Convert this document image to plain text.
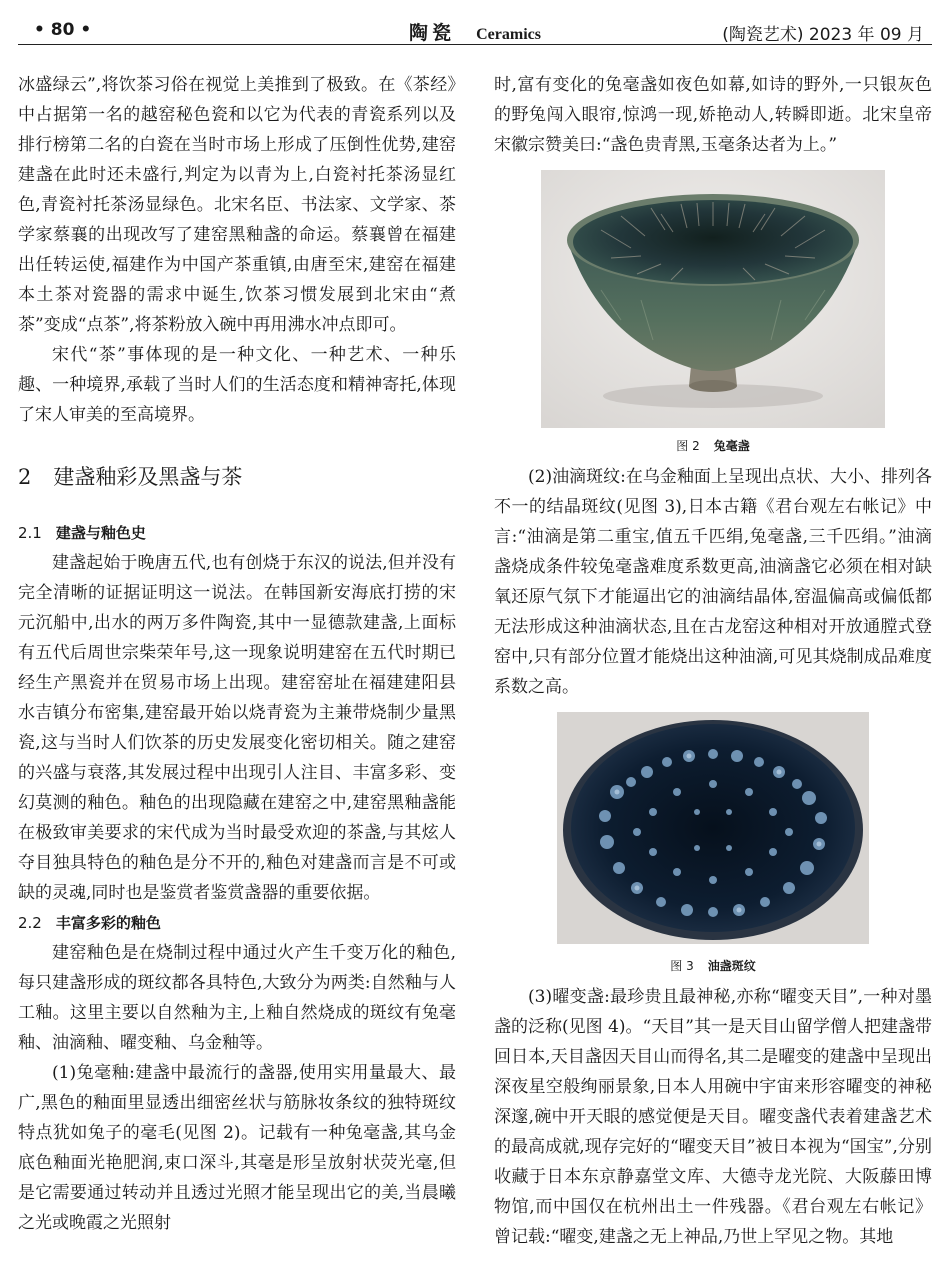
• 80 •	陶瓷 Ceramics	(陶瓷艺术) 2023 年 09 月

冰盛绿云”,将饮茶习俗在视觉上美推到了极致。在《茶经》中占据第一名的越窑秘色瓷和以它为代表的青瓷系列以及排行榜第二名的白瓷在当时市场上形成了压倒性优势,建窑建盏在此时还未盛行,判定为以青为上,白瓷衬托茶汤显红色,青瓷衬托茶汤显绿色。北宋名臣、书法家、文学家、茶学家蔡襄的出现改写了建窑黑釉盏的命运。蔡襄曾在福建出任转运使,福建作为中国产茶重镇,由唐至宋,建窑在福建本土茶对瓷器的需求中诞生,饮茶习惯发展到北宋由“煮茶”变成“点茶”,将茶粉放入碗中再用沸水冲点即可。

宋代“茶”事体现的是一种文化、一种艺术、一种乐趣、一种境界,承载了当时人们的生活态度和精神寄托,体现了宋人审美的至高境界。

2 建盏釉彩及黑盏与茶
2.1 建盏与釉色史

建盏起始于晚唐五代,也有创烧于东汉的说法,但并没有完全清晰的证据证明这一说法。在韩国新安海底打捞的宋元沉船中,出水的两万多件陶瓷,其中一显德款建盏,上面标有五代后周世宗柴荣年号,这一现象说明建窑在五代时期已经生产黑瓷并在贸易市场上出现。建窑窑址在福建建阳县水吉镇分布密集,建窑最开始以烧青瓷为主兼带烧制少量黑瓷,这与当时人们饮茶的历史发展变化密切相关。随之建窑的兴盛与衰落,其发展过程中出现引人注目、丰富多彩、变幻莫测的釉色。釉色的出现隐藏在建窑之中,建窑黑釉盏能在极致审美要求的宋代成为当时最受欢迎的茶盏,与其炫人夺目独具特色的釉色是分不开的,釉色对建盏而言是不可或缺的灵魂,同时也是鉴赏者鉴赏盏器的重要依据。

2.2 丰富多彩的釉色

建窑釉色是在烧制过程中通过火产生千变万化的釉色,每只建盏形成的斑纹都各具特色,大致分为两类:自然釉与人工釉。这里主要以自然釉为主,上釉自然烧成的斑纹有兔毫釉、油滴釉、曜变釉、乌金釉等。

(1)兔毫釉:建盏中最流行的盏器,使用实用量最大、最广,黑色的釉面里显透出细密丝状与筋脉妆条纹的独特斑纹特点犹如兔子的毫毛(见图 2)。记载有一种兔毫盏,其乌金底色釉面光艳肥润,束口深斗,其毫是形呈放射状荧光毫,但是它需要通过转动并且透过光照才能呈现出它的美,当晨曦之光或晚霞之光照射

时,富有变化的兔毫盏如夜色如幕,如诗的野外,一只银灰色的野兔闯入眼帘,惊鸿一现,娇艳动人,转瞬即逝。北宋皇帝宋徽宗赞美曰:“盏色贵青黑,玉毫条达者为上。”

图 2 兔毫盏

(2)油滴斑纹:在乌金釉面上呈现出点状、大小、排列各不一的结晶斑纹(见图 3),日本古籍《君台观左右帐记》中言:“油滴是第二重宝,值五千匹绢,兔毫盏,三千匹绢。”油滴盏烧成条件较兔毫盏难度系数更高,油滴盏它必须在相对缺氧还原气氛下才能逼出它的油滴结晶体,窑温偏高或偏低都无法形成这种油滴状态,且在古龙窑这种相对开放通膛式登窑中,只有部分位置才能烧出这种油滴,可见其烧制成品难度系数之高。

图 3 油盏斑纹

(3)曜变盏:最珍贵且最神秘,亦称“曜变天目”,一种对墨盏的泛称(见图 4)。“天目”其一是天目山留学僧人把建盏带回日本,天目盏因天目山而得名,其二是曜变的建盏中呈现出深夜星空般绚丽景象,日本人用碗中宇宙来形容曜变的神秘深邃,碗中开天眼的感觉便是天目。曜变盏代表着建盏艺术的最高成就,现存完好的“曜变天目”被日本视为“国宝”,分别收藏于日本东京静嘉堂文库、大德寺龙光院、大阪藤田博物馆,而中国仅在杭州出土一件残器。《君台观左右帐记》曾记载:“曜变,建盏之无上神品,乃世上罕见之物。其地
